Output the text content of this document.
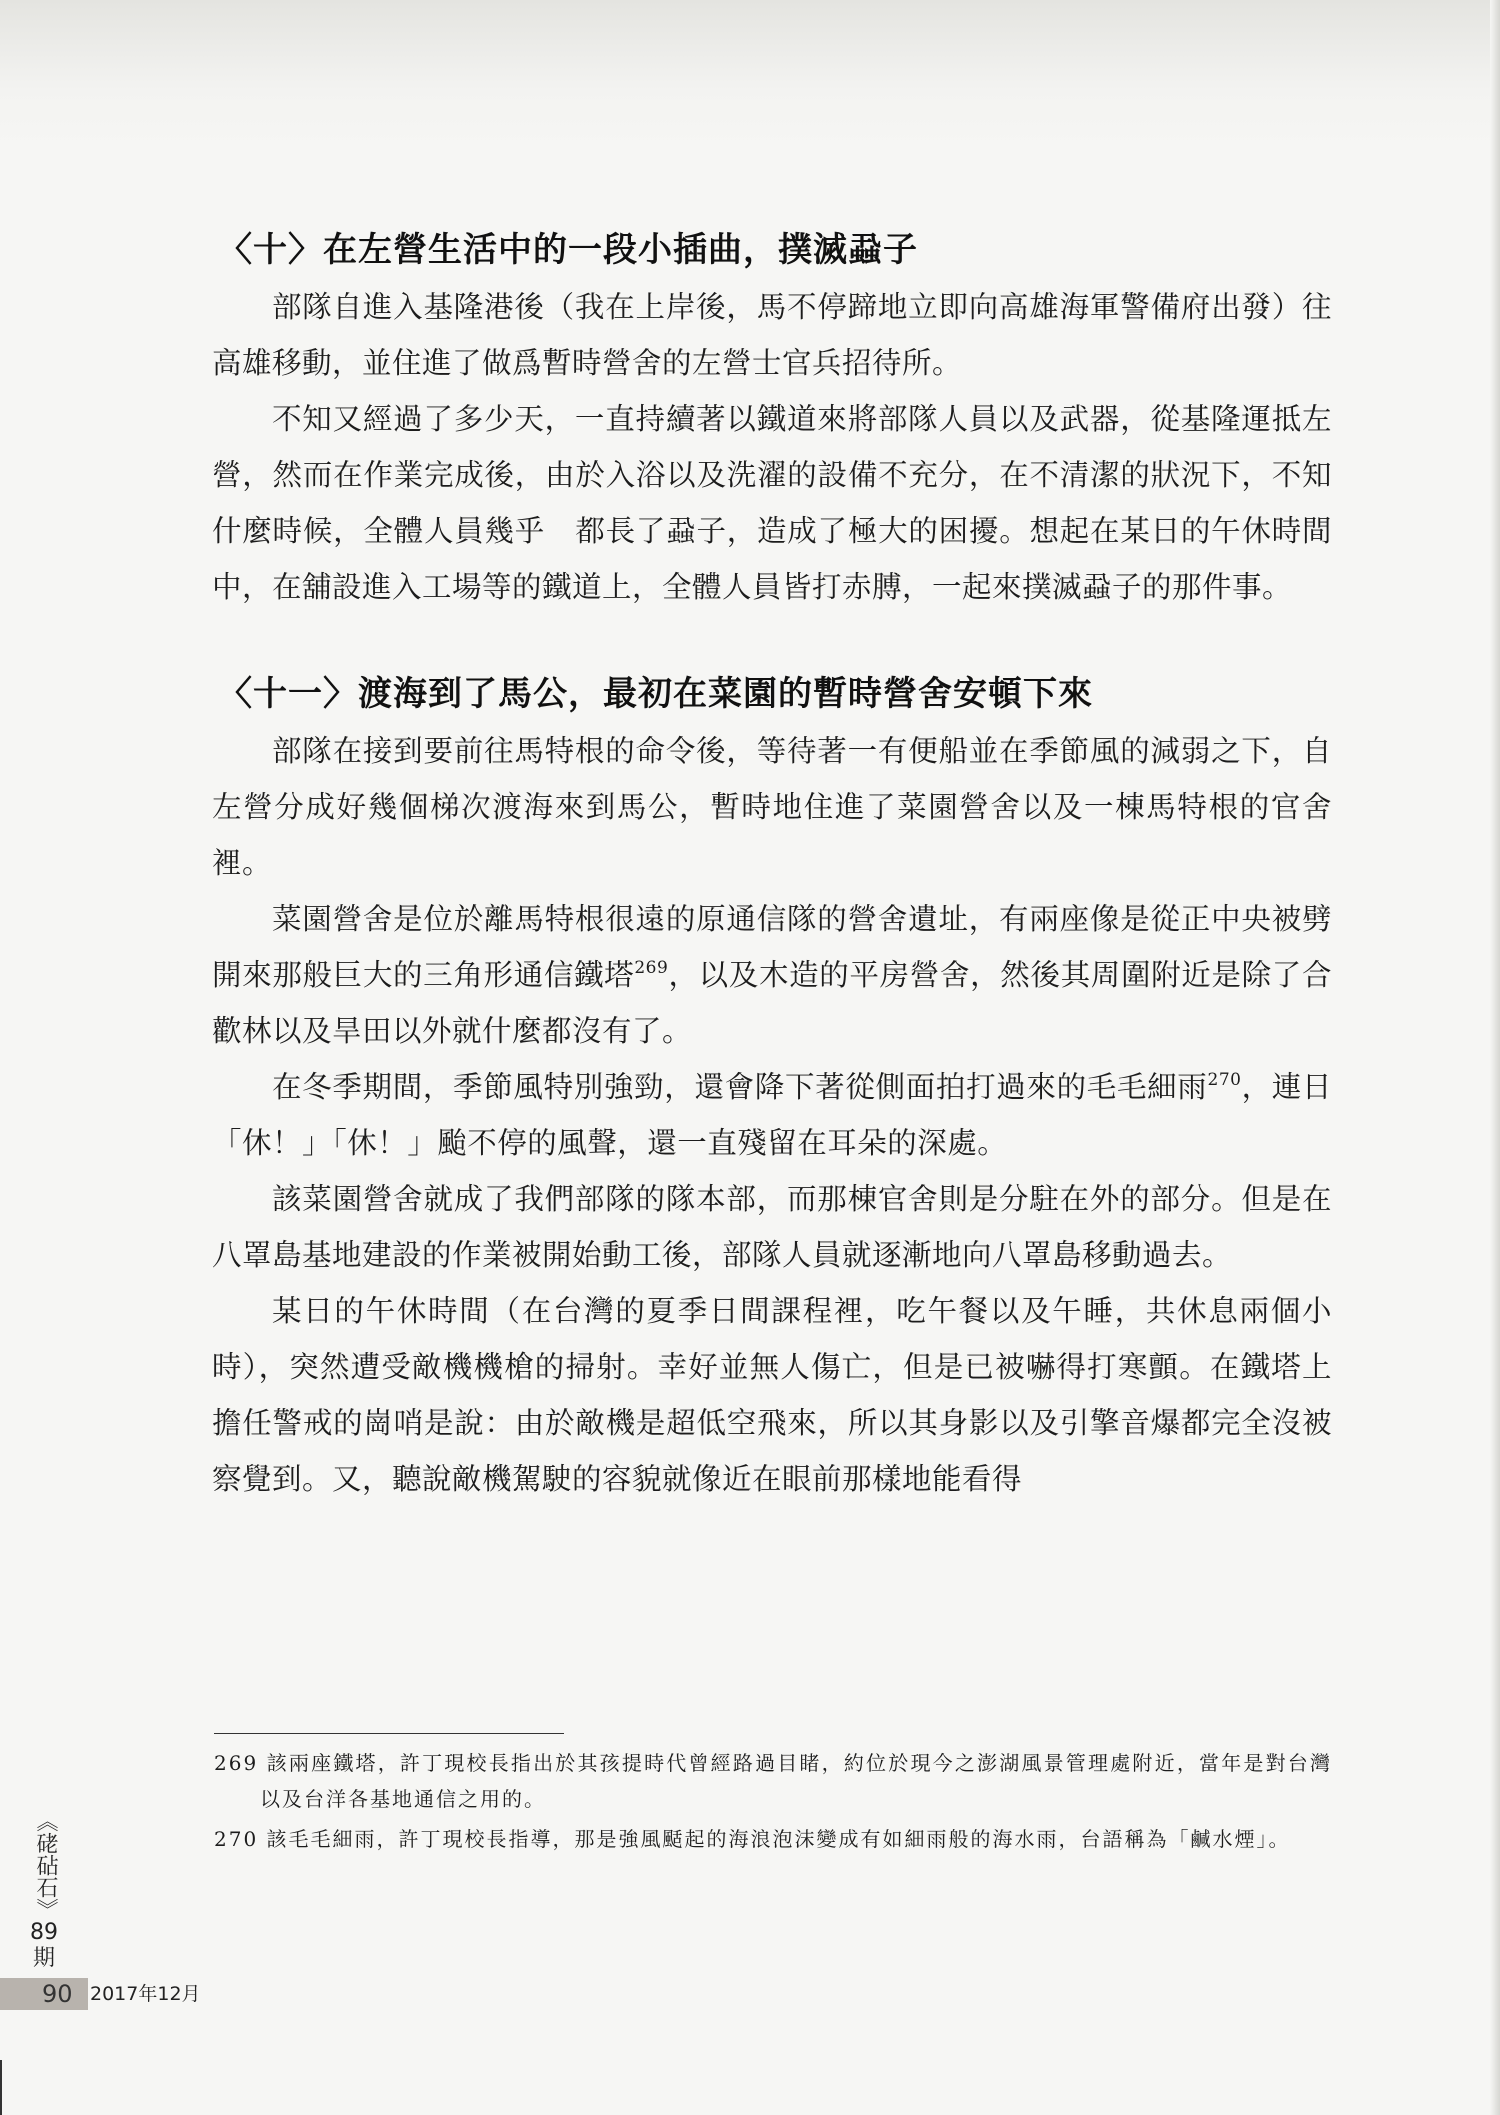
〈十〉在左營生活中的一段小插曲，撲滅蝨子

部隊自進入基隆港後（我在上岸後，馬不停蹄地立即向高雄海軍警備府出發）往高雄移動，並住進了做爲暫時營舍的左營士官兵招待所。

不知又經過了多少天，一直持續著以鐵道來將部隊人員以及武器，從基隆運抵左營，然而在作業完成後，由於入浴以及洗濯的設備不充分，在不清潔的狀況下，不知什麼時候，全體人員幾乎　都長了蝨子，造成了極大的困擾。想起在某日的午休時間中，在舖設進入工場等的鐵道上，全體人員皆打赤膊，一起來撲滅蝨子的那件事。

〈十一〉渡海到了馬公，最初在菜園的暫時營舍安頓下來

部隊在接到要前往馬特根的命令後，等待著一有便船並在季節風的減弱之下，自左營分成好幾個梯次渡海來到馬公，暫時地住進了菜園營舍以及一棟馬特根的官舍裡。

菜園營舍是位於離馬特根很遠的原通信隊的營舍遺址，有兩座像是從正中央被劈開來那般巨大的三角形通信鐵塔$^{269}$，以及木造的平房營舍，然後其周圍附近是除了合歡林以及旱田以外就什麼都沒有了。

在冬季期間，季節風特別強勁，還會降下著從側面拍打過來的毛毛細雨$^{270}$，連日「休！」「休！」颱不停的風聲，還一直殘留在耳朵的深處。

該菜園營舍就成了我們部隊的隊本部，而那棟官舍則是分駐在外的部分。但是在八罩島基地建設的作業被開始動工後，部隊人員就逐漸地向八罩島移動過去。

某日的午休時間（在台灣的夏季日間課程裡，吃午餐以及午睡，共休息兩個小時），突然遭受敵機機槍的掃射。幸好並無人傷亡，但是已被嚇得打寒顫。在鐵塔上擔任警戒的崗哨是說：由於敵機是超低空飛來，所以其身影以及引擎音爆都完全沒被察覺到。又，聽說敵機駕駛的容貌就像近在眼前那樣地能看得

269 該兩座鐵塔，許丁現校長指出於其孩提時代曾經路過目睹，約位於現今之澎湖風景管理處附近，當年是對台灣以及台洋各基地通信之用的。

270 該毛毛細雨，許丁現校長指導，那是強風颳起的海浪泡沫變成有如細雨般的海水雨，台語稱為「鹹水煙」。

《硓砧石》
89期
90 2017年12月
